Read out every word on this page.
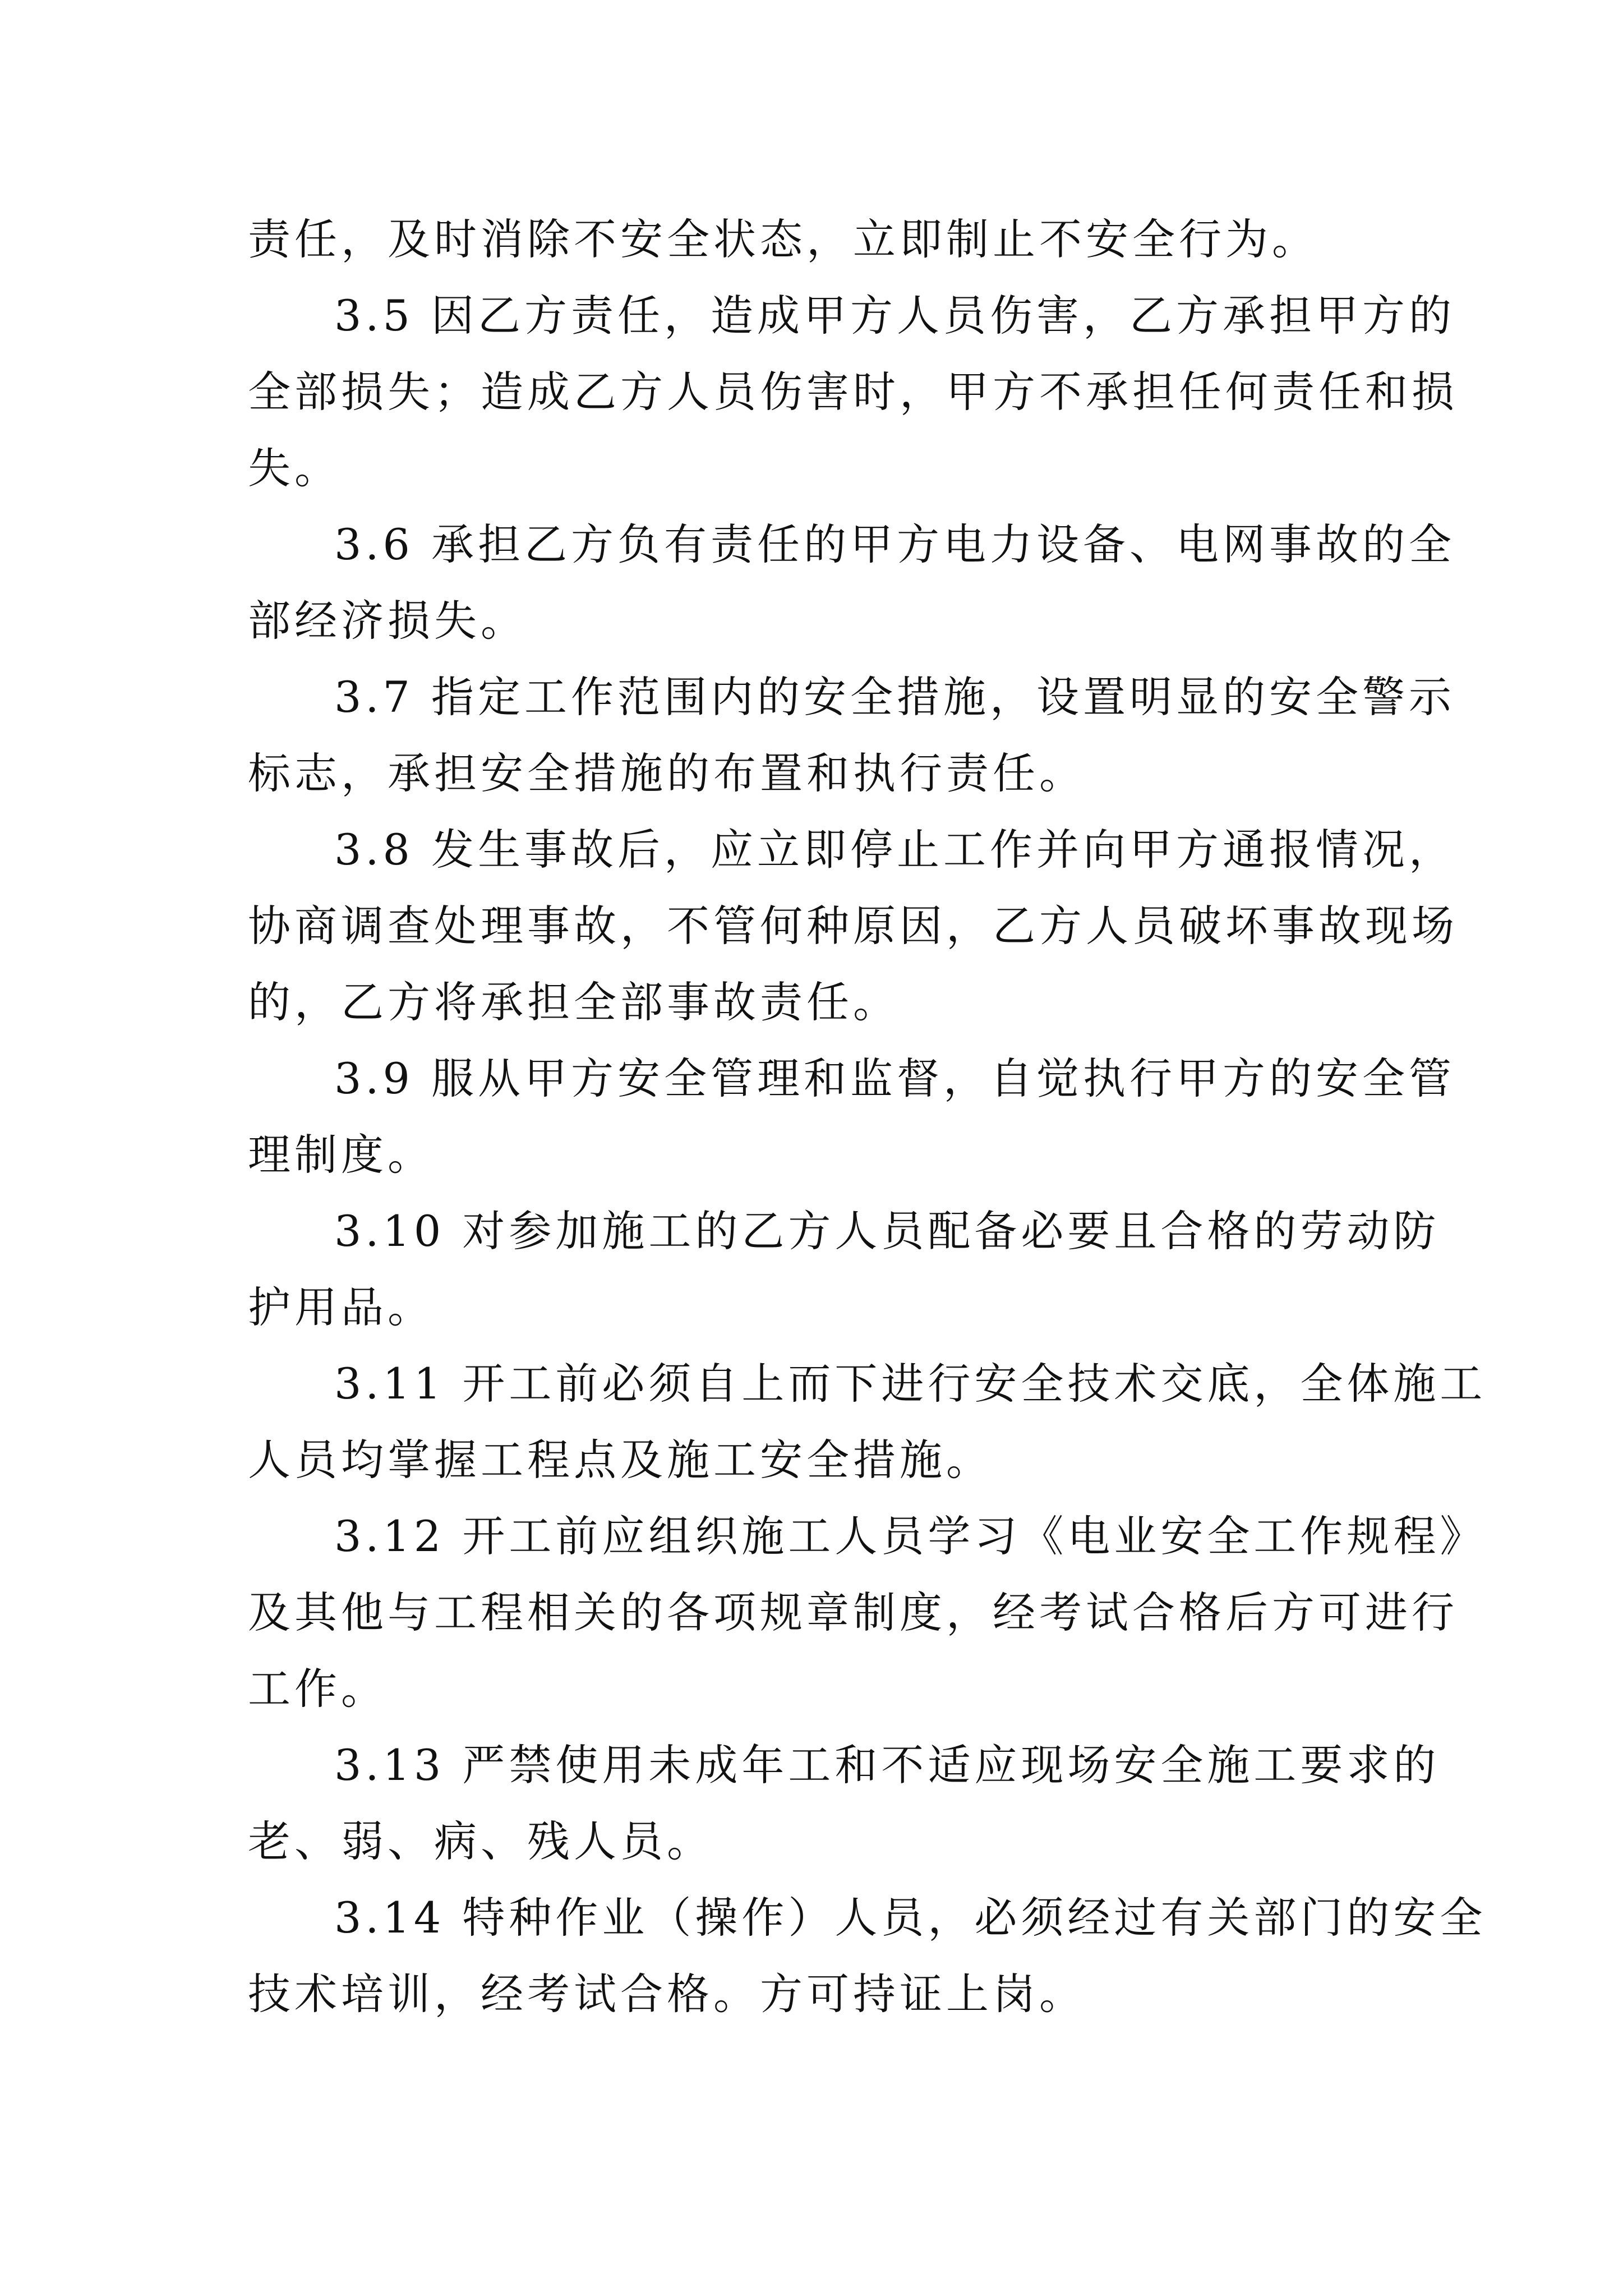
责任，及时消除不安全状态，立即制止不安全行为。

3.5 因乙方责任，造成甲方人员伤害，乙方承担甲方的

全部损失；造成乙方人员伤害时，甲方不承担任何责任和损

失。

3.6 承担乙方负有责任的甲方电力设备、电网事故的全

部经济损失。

3.7 指定工作范围内的安全措施，设置明显的安全警示

标志，承担安全措施的布置和执行责任。

3.8 发生事故后，应立即停止工作并向甲方通报情况，

协商调查处理事故，不管何种原因，乙方人员破坏事故现场

的，乙方将承担全部事故责任。

3.9 服从甲方安全管理和监督，自觉执行甲方的安全管

理制度。

3.10 对参加施工的乙方人员配备必要且合格的劳动防

护用品。

3.11 开工前必须自上而下进行安全技术交底，全体施工

人员均掌握工程点及施工安全措施。

3.12 开工前应组织施工人员学习《电业安全工作规程》

及其他与工程相关的各项规章制度，经考试合格后方可进行

工作。

3.13 严禁使用未成年工和不适应现场安全施工要求的

老、弱、病、残人员。

3.14 特种作业（操作）人员，必须经过有关部门的安全

技术培训，经考试合格。方可持证上岗。
